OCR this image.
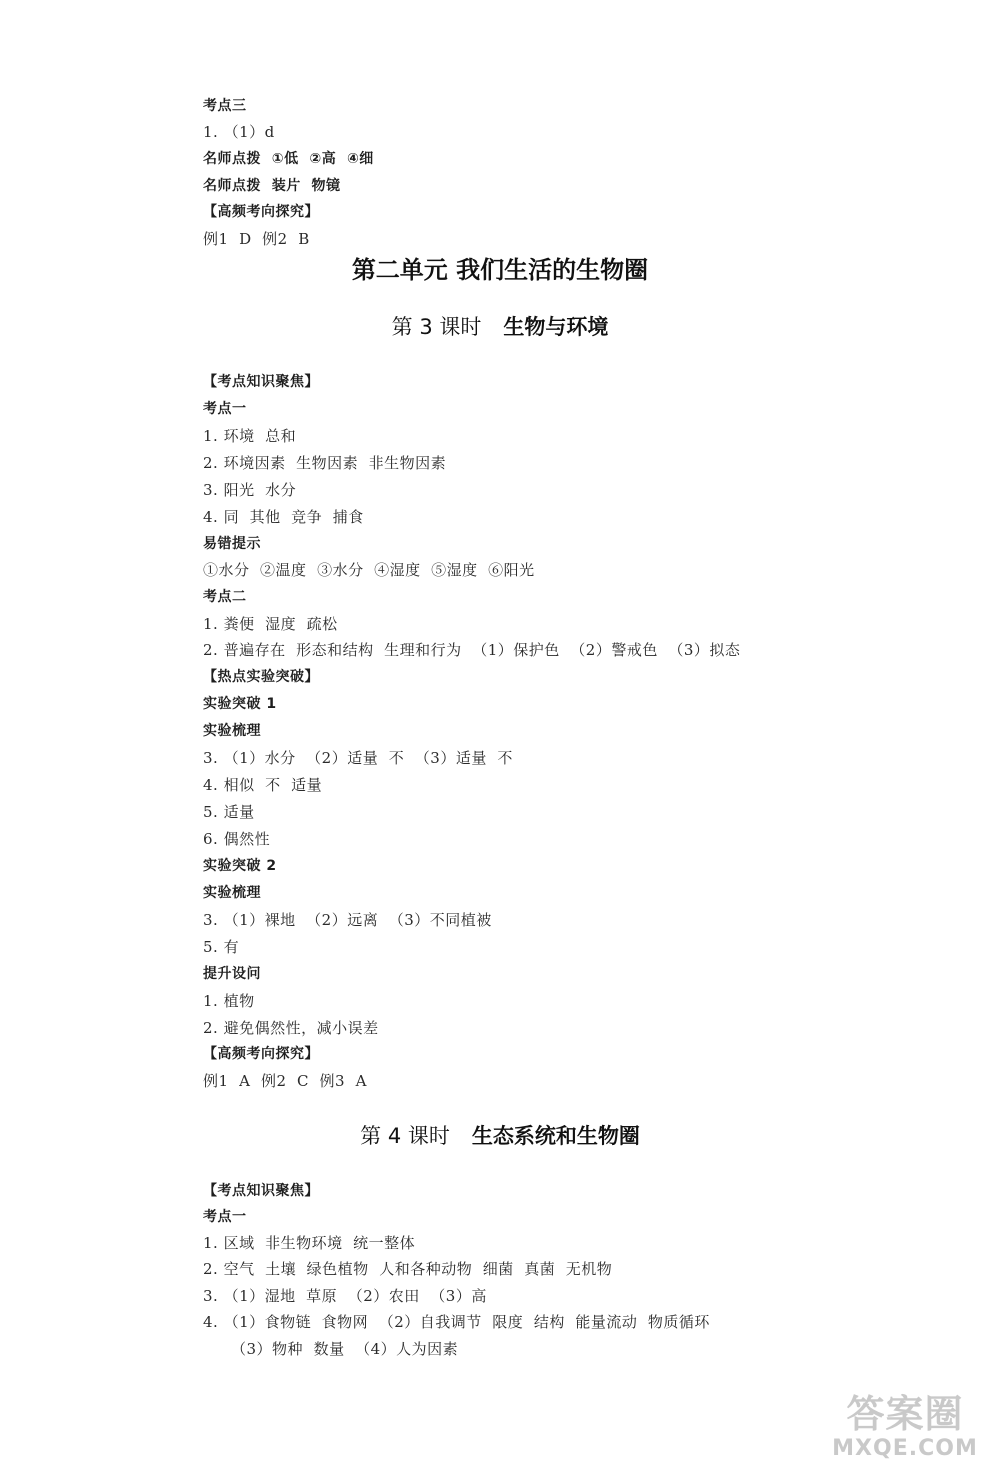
考点三
1. （1）d
名师点拨  ①低  ②高  ④细
名师点拨  装片  物镜
【高频考向探究】
例1  D  例2  B
第二单元 我们生活的生物圈
第 3 课时 生物与环境
【考点知识聚焦】
考点一
1. 环境  总和
2. 环境因素  生物因素  非生物因素
3. 阳光  水分
4. 同  其他  竞争  捕食
易错提示
①水分  ②温度  ③水分  ④湿度  ⑤湿度  ⑥阳光
考点二
1. 粪便  湿度  疏松
2. 普遍存在  形态和结构  生理和行为  （1）保护色  （2）警戒色  （3）拟态
【热点实验突破】
实验突破 1
实验梳理
3. （1）水分  （2）适量  不  （3）适量  不
4. 相似  不  适量
5. 适量
6. 偶然性
实验突破 2
实验梳理
3. （1）裸地  （2）远离  （3）不同植被
5. 有
提升设问
1. 植物
2. 避免偶然性，减小误差
【高频考向探究】
例1  A  例2  C  例3  A
第 4 课时 生态系统和生物圈
【考点知识聚焦】
考点一
1. 区域  非生物环境  统一整体
2. 空气  土壤  绿色植物  人和各种动物  细菌  真菌  无机物
3. （1）湿地  草原  （2）农田  （3）高
4. （1）食物链  食物网  （2）自我调节  限度  结构  能量流动  物质循环
（3）物种  数量  （4）人为因素
答案圈
MXQE.COM
